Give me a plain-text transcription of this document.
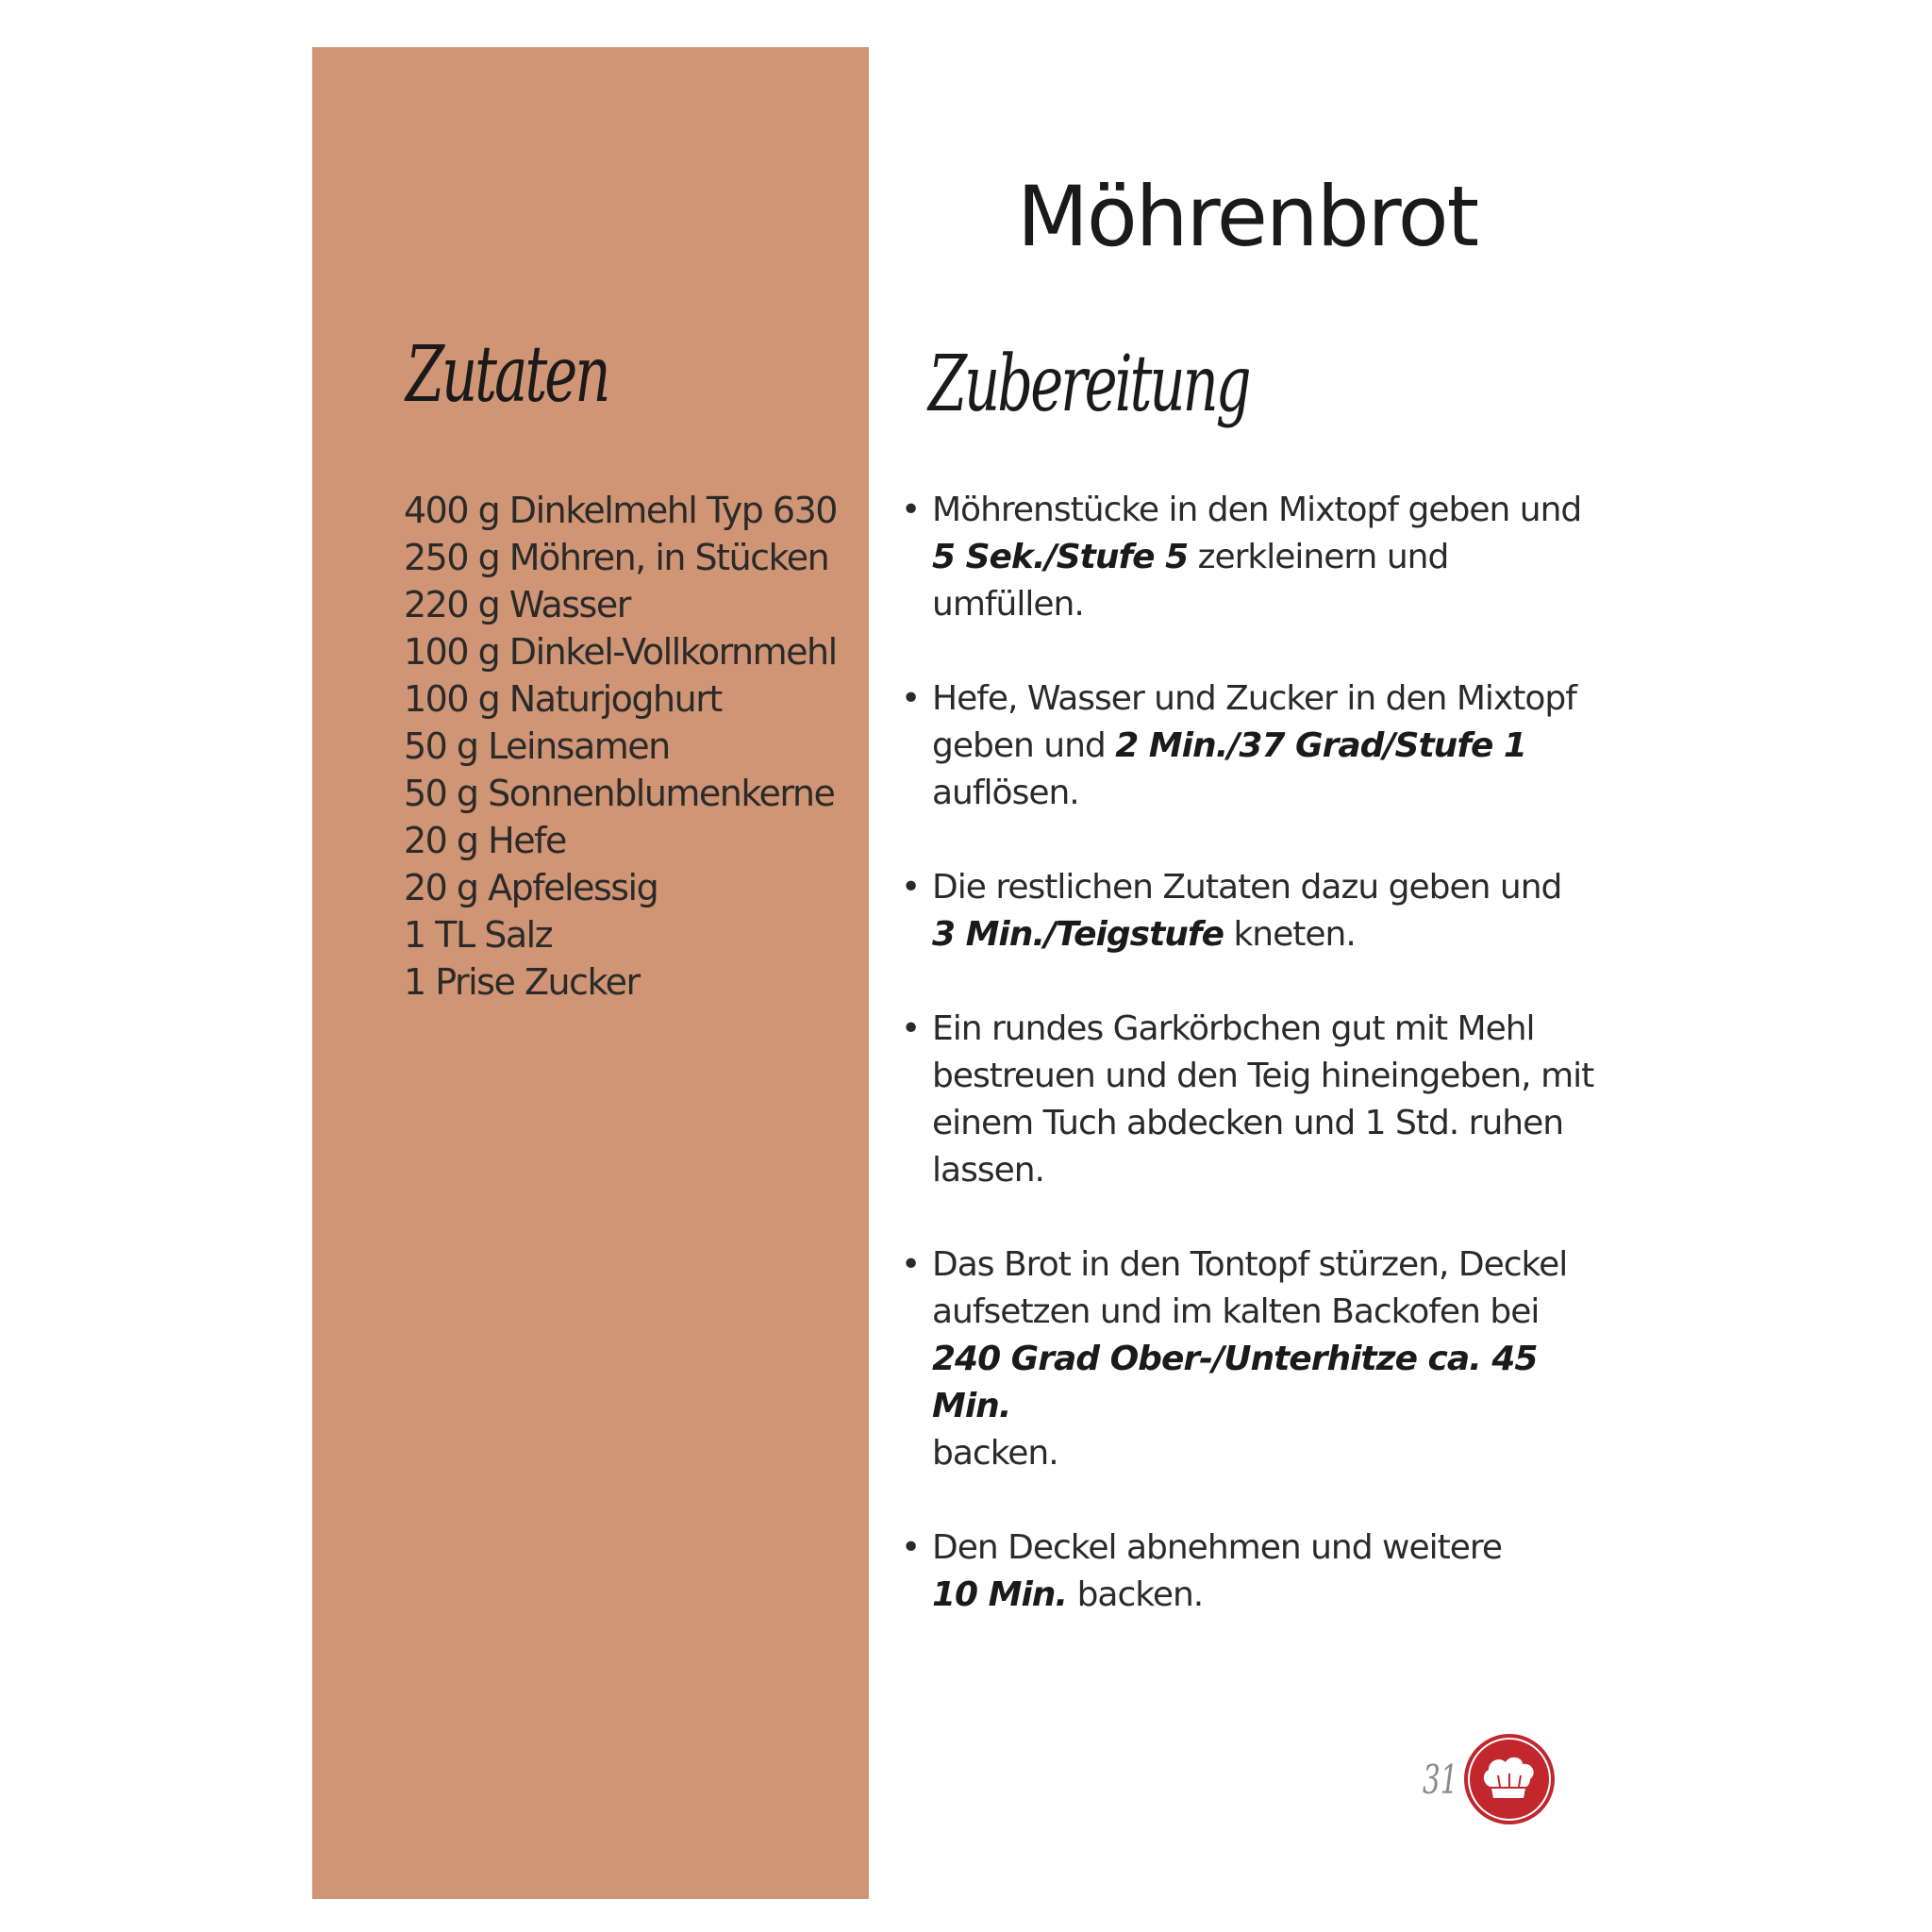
Zutaten
400 g Dinkelmehl Typ 630
250 g Möhren, in Stücken
220 g Wasser
100 g Dinkel-Vollkornmehl
100 g Naturjoghurt
50 g Leinsamen
50 g Sonnenblumenkerne
20 g Hefe
20 g Apfelessig
1 TL Salz
1 Prise Zucker
Möhrenbrot
Zubereitung
• Möhrenstücke in den Mixtopf geben und
5 Sek./Stufe 5 zerkleinern und umfüllen.
• Hefe, Wasser und Zucker in den Mixtopf geben und 2 Min./37 Grad/Stufe 1
auflösen.
• Die restlichen Zutaten dazu geben und
3 Min./Teigstufe kneten.
• Ein rundes Garkörbchen gut mit Mehl bestreuen und den Teig hineingeben, mit einem Tuch abdecken und 1 Std. ruhen lassen.
• Das Brot in den Tontopf stürzen, Deckel aufsetzen und im kalten Backofen bei
240 Grad Ober-/Unterhitze ca. 45 Min.
backen.
• Den Deckel abnehmen und weitere
10 Min. backen.
31
